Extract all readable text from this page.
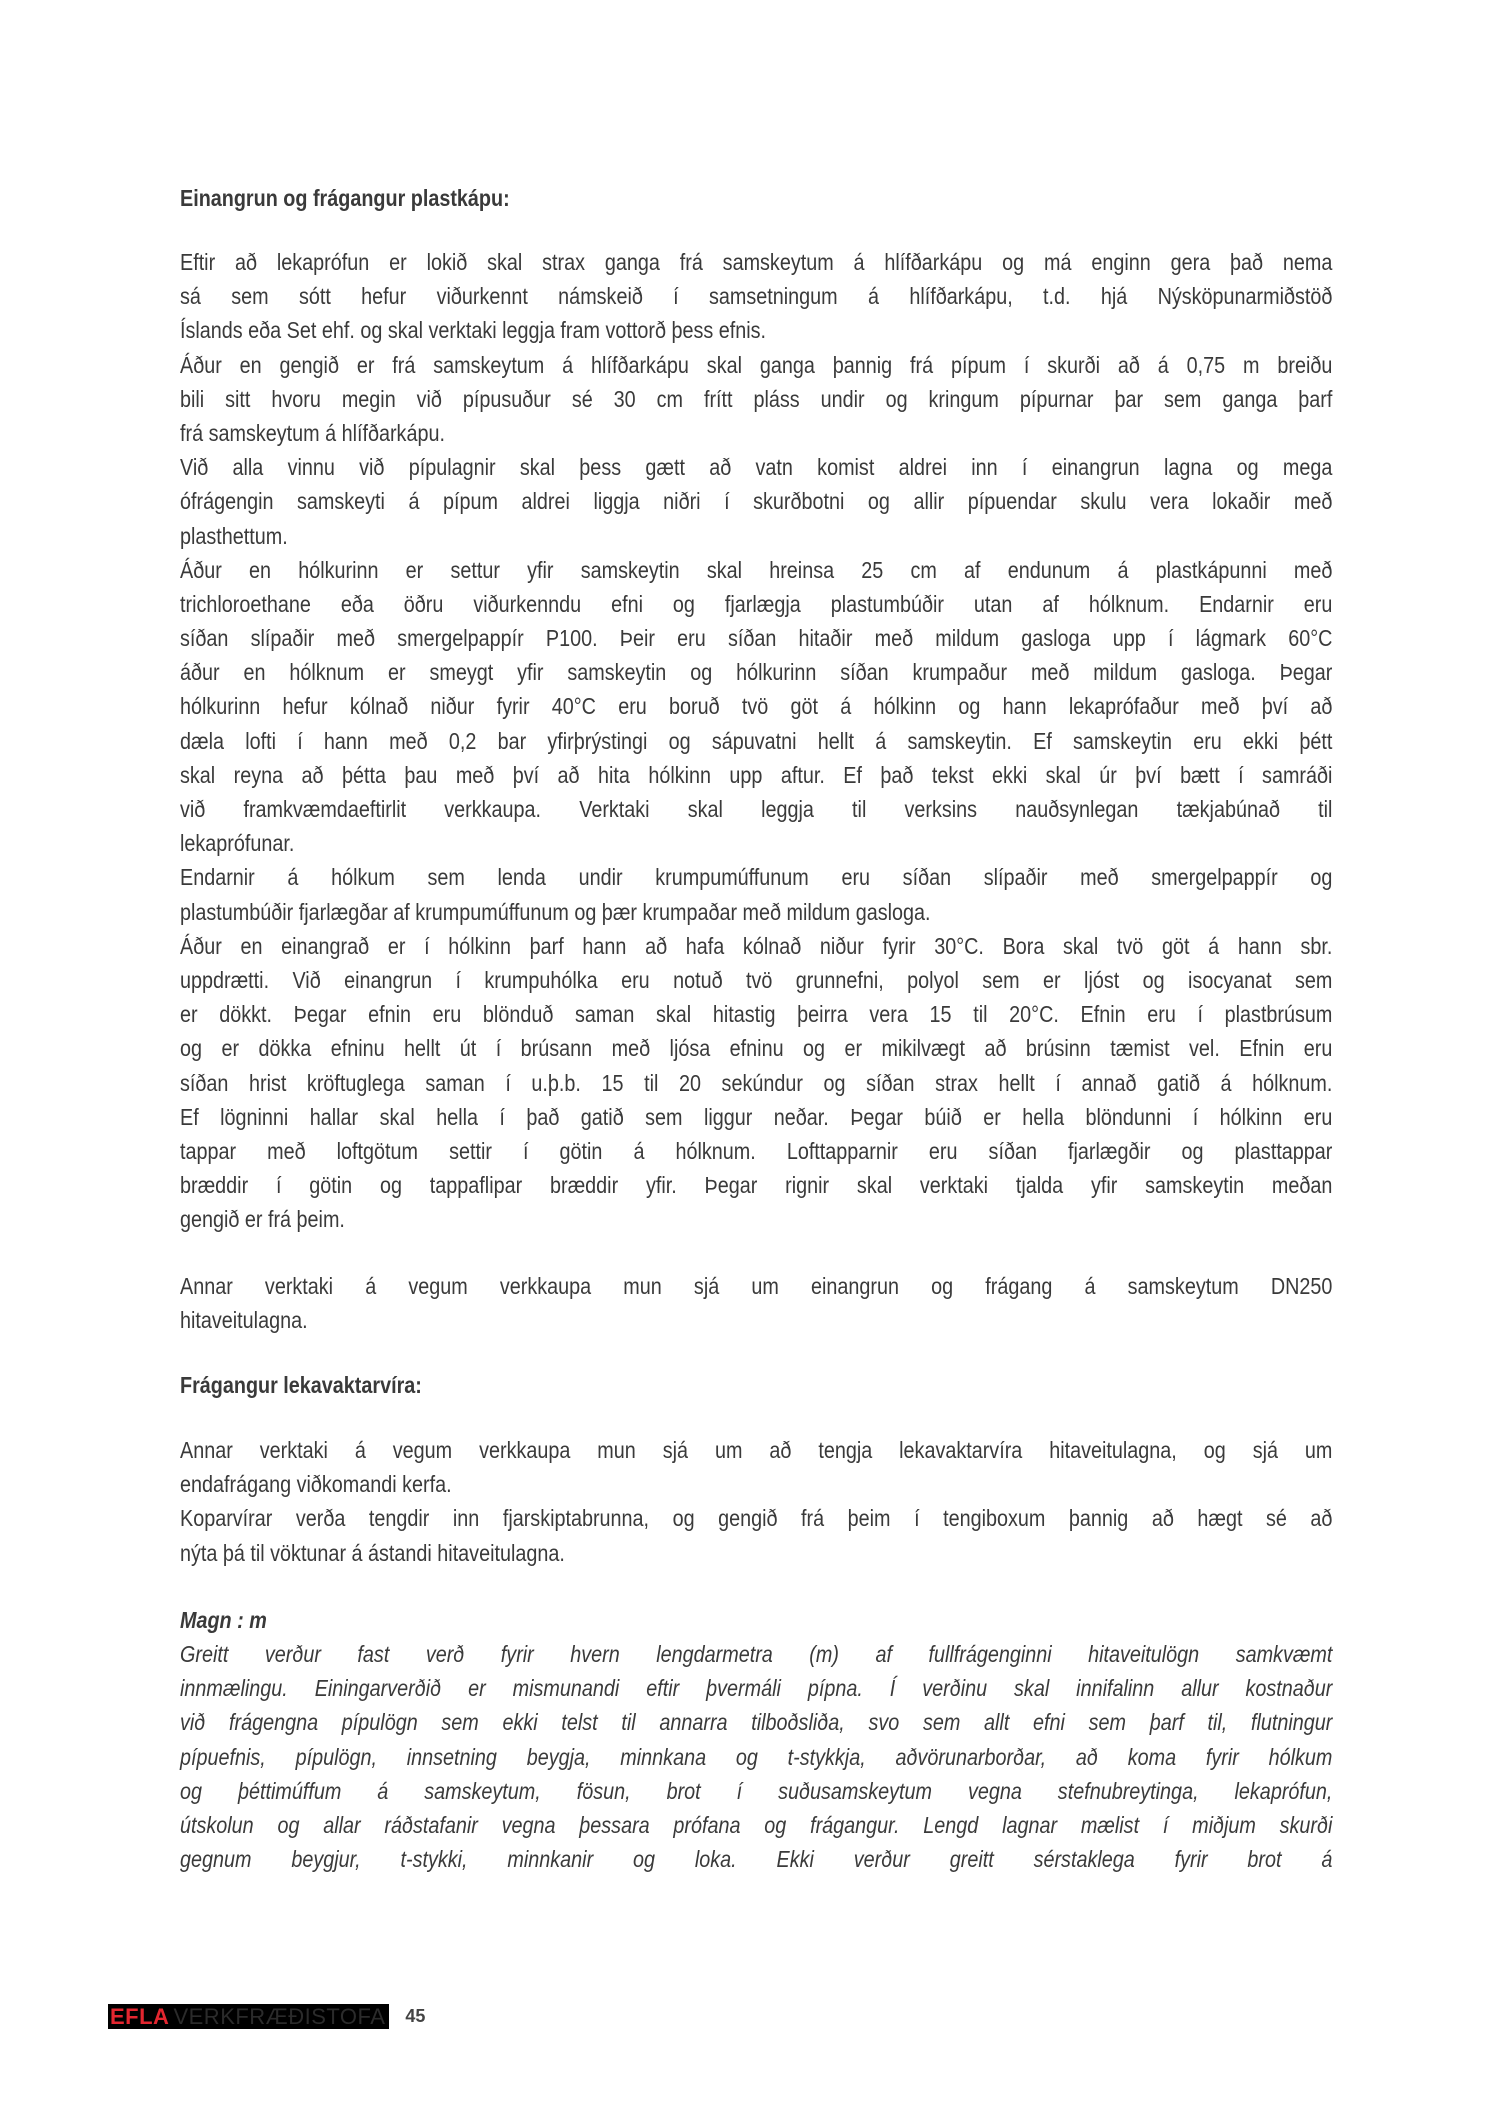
Einangrun og frágangur plastkápu:
Eftir að lekaprófun er lokið skal strax ganga frá samskeytum á hlífðarkápu og má enginn gera það nema
sá sem sótt hefur viðurkennt námskeið í samsetningum á hlífðarkápu, t.d. hjá Nýsköpunarmiðstöð
Íslands eða Set ehf. og skal verktaki leggja fram vottorð þess efnis.
Áður en gengið er frá samskeytum á hlífðarkápu skal ganga þannig frá pípum í skurði að á 0,75 m breiðu
bili sitt hvoru megin við pípusuður sé 30 cm frítt pláss undir og kringum pípurnar þar sem ganga þarf
frá samskeytum á hlífðarkápu.
Við alla vinnu við pípulagnir skal þess gætt að vatn komist aldrei inn í einangrun lagna og mega
ófrágengin samskeyti á pípum aldrei liggja niðri í skurðbotni og allir pípuendar skulu vera lokaðir með
plasthettum.
Áður en hólkurinn er settur yfir samskeytin skal hreinsa 25 cm af endunum á plastkápunni með
trichloroethane eða öðru viðurkenndu efni og fjarlægja plastumbúðir utan af hólknum. Endarnir eru
síðan slípaðir með smergelpappír P100. Þeir eru síðan hitaðir með mildum gasloga upp í lágmark 60°C
áður en hólknum er smeygt yfir samskeytin og hólkurinn síðan krumpaður með mildum gasloga. Þegar
hólkurinn hefur kólnað niður fyrir 40°C eru boruð tvö göt á hólkinn og hann lekaprófaður með því að
dæla lofti í hann með 0,2 bar yfirþrýstingi og sápuvatni hellt á samskeytin. Ef samskeytin eru ekki þétt
skal reyna að þétta þau með því að hita hólkinn upp aftur. Ef það tekst ekki skal úr því bætt í samráði
við framkvæmdaeftirlit verkkaupa. Verktaki skal leggja til verksins nauðsynlegan tækjabúnað til
lekaprófunar.
Endarnir á hólkum sem lenda undir krumpumúffunum eru síðan slípaðir með smergelpappír og
plastumbúðir fjarlægðar af krumpumúffunum og þær krumpaðar með mildum gasloga.
Áður en einangrað er í hólkinn þarf hann að hafa kólnað niður fyrir 30°C. Bora skal tvö göt á hann sbr.
uppdrætti. Við einangrun í krumpuhólka eru notuð tvö grunnefni, polyol sem er ljóst og isocyanat sem
er dökkt. Þegar efnin eru blönduð saman skal hitastig þeirra vera 15 til 20°C. Efnin eru í plastbrúsum
og er dökka efninu hellt út í brúsann með ljósa efninu og er mikilvægt að brúsinn tæmist vel. Efnin eru
síðan hrist kröftuglega saman í u.þ.b. 15 til 20 sekúndur og síðan strax hellt í annað gatið á hólknum.
Ef lögninni hallar skal hella í það gatið sem liggur neðar. Þegar búið er hella blöndunni í hólkinn eru
tappar með loftgötum settir í götin á hólknum. Lofttapparnir eru síðan fjarlægðir og plasttappar
bræddir í götin og tappaflipar bræddir yfir. Þegar rignir skal verktaki tjalda yfir samskeytin meðan
gengið er frá þeim.
Annar verktaki á vegum verkkaupa mun sjá um einangrun og frágang á samskeytum DN250
hitaveitulagna.
Frágangur lekavaktarvíra:
Annar verktaki á vegum verkkaupa mun sjá um að tengja lekavaktarvíra hitaveitulagna, og sjá um
endafrágang viðkomandi kerfa.
Koparvírar verða tengdir inn fjarskiptabrunna, og gengið frá þeim í tengiboxum þannig að hægt sé að
nýta þá til vöktunar á ástandi hitaveitulagna.
Magn : m
Greitt verður fast verð fyrir hvern lengdarmetra (m) af fullfrágenginni hitaveitulögn samkvæmt
innmælingu. Einingarverðið er mismunandi eftir þvermáli pípna. Í verðinu skal innifalinn allur kostnaður
við frágengna pípulögn sem ekki telst til annarra tilboðsliða, svo sem allt efni sem þarf til, flutningur
pípuefnis, pípulögn, innsetning beygja, minnkana og t-stykkja, aðvörunarborðar, að koma fyrir hólkum
og þéttimúffum á samskeytum, fösun, brot í suðusamskeytum vegna stefnubreytinga, lekaprófun,
útskolun og allar ráðstafanir vegna þessara prófana og frágangur. Lengd lagnar mælist í miðjum skurði
gegnum beygjur, t-stykki, minnkanir og loka. Ekki verður greitt sérstaklega fyrir brot á
EFLA VERKFRÆÐISTOFA 45
